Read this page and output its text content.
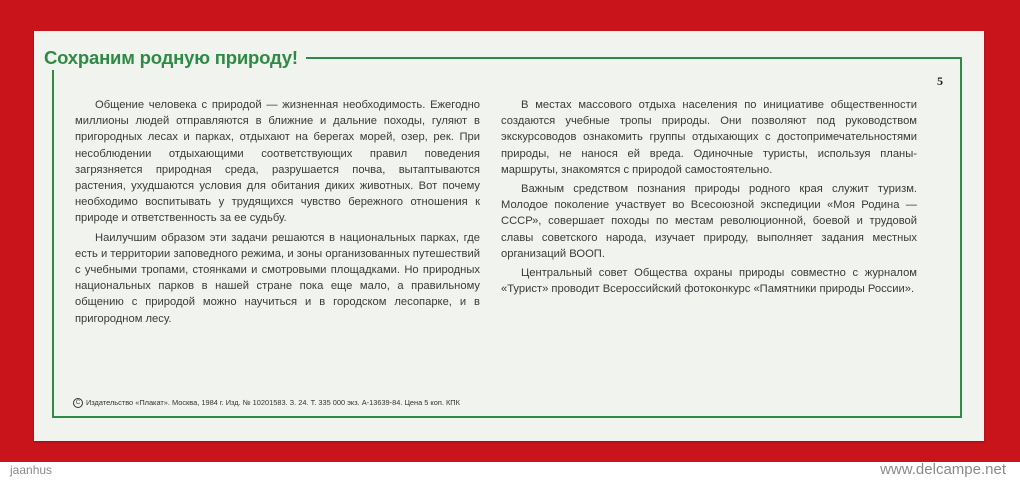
jaanhus	www.delcampe.net
Сохраним родную природу!
5

Общение человека с природой — жизненная необходимость. Ежегодно миллионы людей отправляются в ближние и дальние походы, гуляют в пригородных лесах и парках, отдыхают на берегах морей, озер, рек. При несоблюдении отдыхающими соответствующих правил поведения загрязняется природная среда, разрушается почва, вытаптываются растения, ухудшаются условия для обитания диких животных. Вот почему необходимо воспитывать у трудящихся чувство бережного отношения к природе и ответственность за ее судьбу.

Наилучшим образом эти задачи решаются в национальных парках, где есть и территории заповедного режима, и зоны организованных путешествий с учебными тропами, стоянками и смотровыми площадками. Но природных национальных парков в нашей стране пока еще мало, а правильному общению с природой можно научиться и в городском лесопарке, и в пригородном лесу.

В местах массового отдыха населения по инициативе общественности создаются учебные тропы природы. Они позволяют под руководством экскурсоводов ознакомить группы отдыхающих с достопримечательностями природы, не нанося ей вреда. Одиночные туристы, используя планы-маршруты, знакомятся с природой самостоятельно.

Важным средством познания природы родного края служит туризм. Молодое поколение участвует во Всесоюзной экспедиции «Моя Родина — СССР», совершает походы по местам революционной, боевой и трудовой славы советского народа, изучает природу, выполняет задания местных организаций ВООП.

Центральный совет Общества охраны природы совместно с журналом «Турист» проводит Всероссийский фотоконкурс «Памятники природы России».

C Издательство «Плакат». Москва, 1984 г. Изд. № 10201583. З. 24. Т. 335 000 экз. А-13639-84. Цена 5 коп. КПК
